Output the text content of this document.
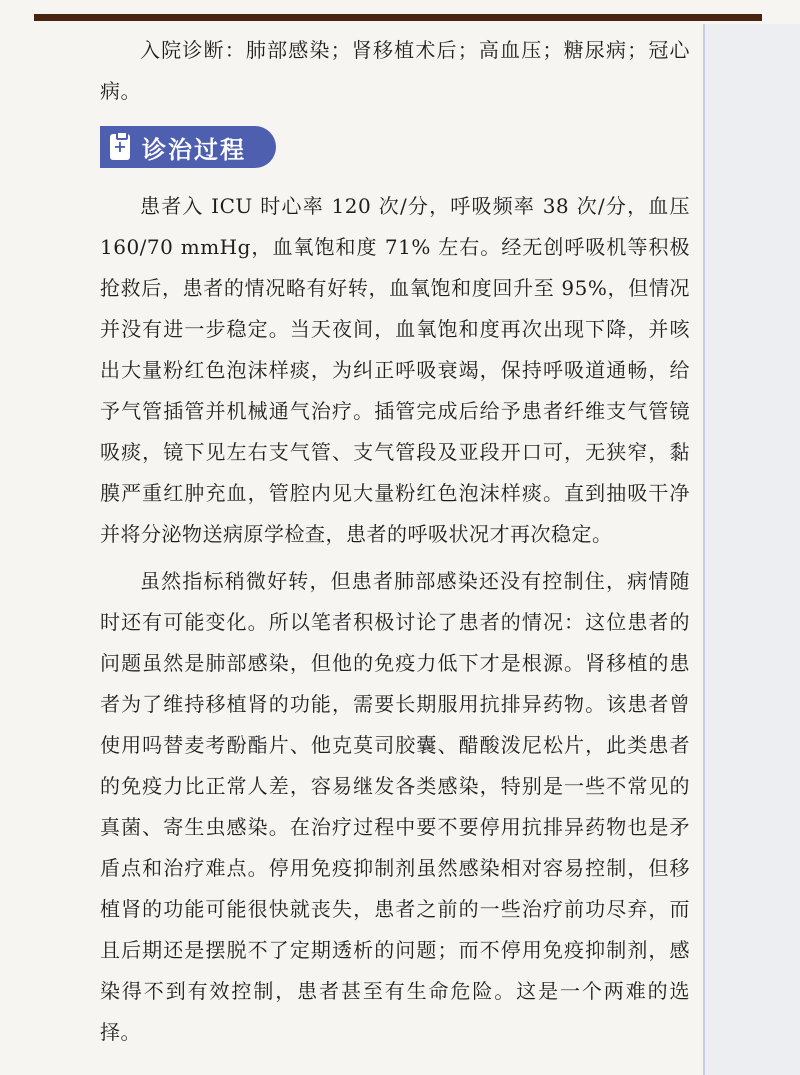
入院诊断：肺部感染；肾移植术后；高血压；糖尿病；冠心病。

+
诊治过程

患者入 ICU 时心率 120 次/分，呼吸频率 38 次/分，血压 160/70 mmHg，血氧饱和度 71% 左右。经无创呼吸机等积极抢救后，患者的情况略有好转，血氧饱和度回升至 95%，但情况并没有进一步稳定。当天夜间，血氧饱和度再次出现下降，并咳出大量粉红色泡沫样痰，为纠正呼吸衰竭，保持呼吸道通畅，给予气管插管并机械通气治疗。插管完成后给予患者纤维支气管镜吸痰，镜下见左右支气管、支气管段及亚段开口可，无狭窄，黏膜严重红肿充血，管腔内见大量粉红色泡沫样痰。直到抽吸干净并将分泌物送病原学检查，患者的呼吸状况才再次稳定。

虽然指标稍微好转，但患者肺部感染还没有控制住，病情随时还有可能变化。所以笔者积极讨论了患者的情况：这位患者的问题虽然是肺部感染，但他的免疫力低下才是根源。肾移植的患者为了维持移植肾的功能，需要长期服用抗排异药物。该患者曾使用吗替麦考酚酯片、他克莫司胶囊、醋酸泼尼松片，此类患者的免疫力比正常人差，容易继发各类感染，特别是一些不常见的真菌、寄生虫感染。在治疗过程中要不要停用抗排异药物也是矛盾点和治疗难点。停用免疫抑制剂虽然感染相对容易控制，但移植肾的功能可能很快就丧失，患者之前的一些治疗前功尽弃，而且后期还是摆脱不了定期透析的问题；而不停用免疫抑制剂，感染得不到有效控制，患者甚至有生命危险。这是一个两难的选择。
